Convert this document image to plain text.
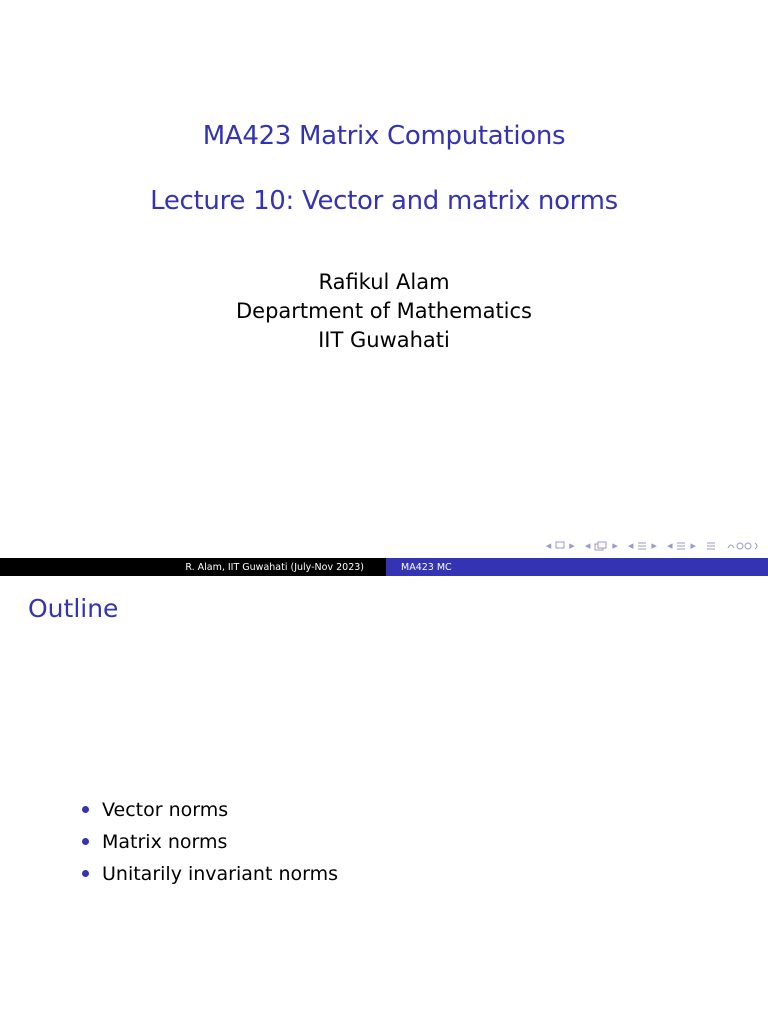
MA423 Matrix Computations
Lecture 10: Vector and matrix norms
Rafikul Alam
Department of Mathematics
IIT Guwahati
◂ ▸ ◂ ▸ ◂ ▸ ◂ ▸
R. Alam, IIT Guwahati (July-Nov 2023)	MA423 MC
Outline
Vector norms
Matrix norms
Unitarily invariant norms
